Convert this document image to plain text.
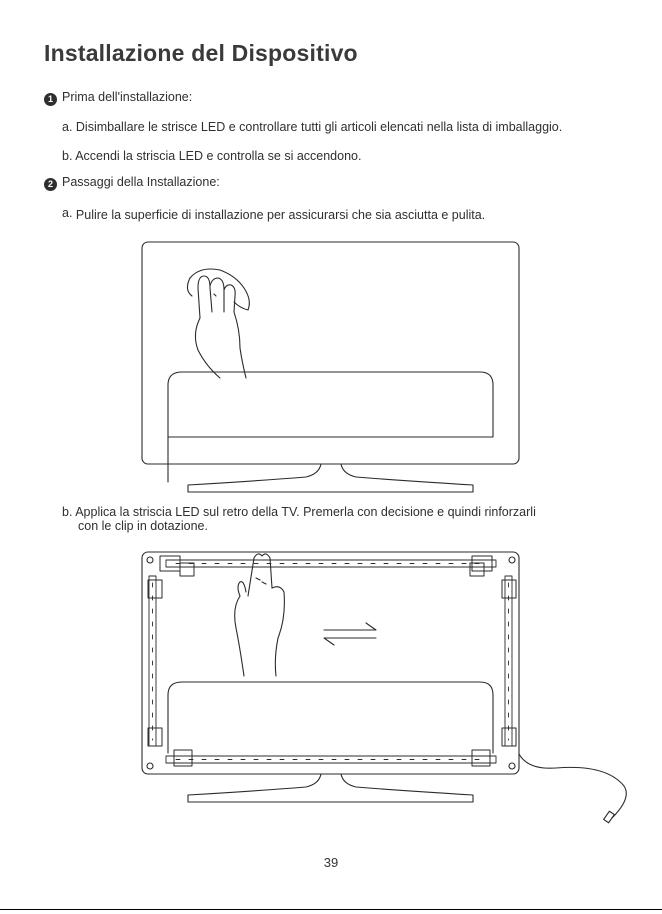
Installazione del Dispositivo
1 Prima dell'installazione:
a. Disimballare le strisce LED e controllare tutti gli articoli elencati nella lista di imballaggio.
b. Accendi la striscia LED e controlla se si accendono.
2 Passaggi della Installazione:
a. Pulire la superficie di installazione per assicurarsi che sia asciutta e pulita.
b. Applica la striscia LED sul retro della TV. Premerla con decisione e quindi rinforzarli
con le clip in dotazione.
39
